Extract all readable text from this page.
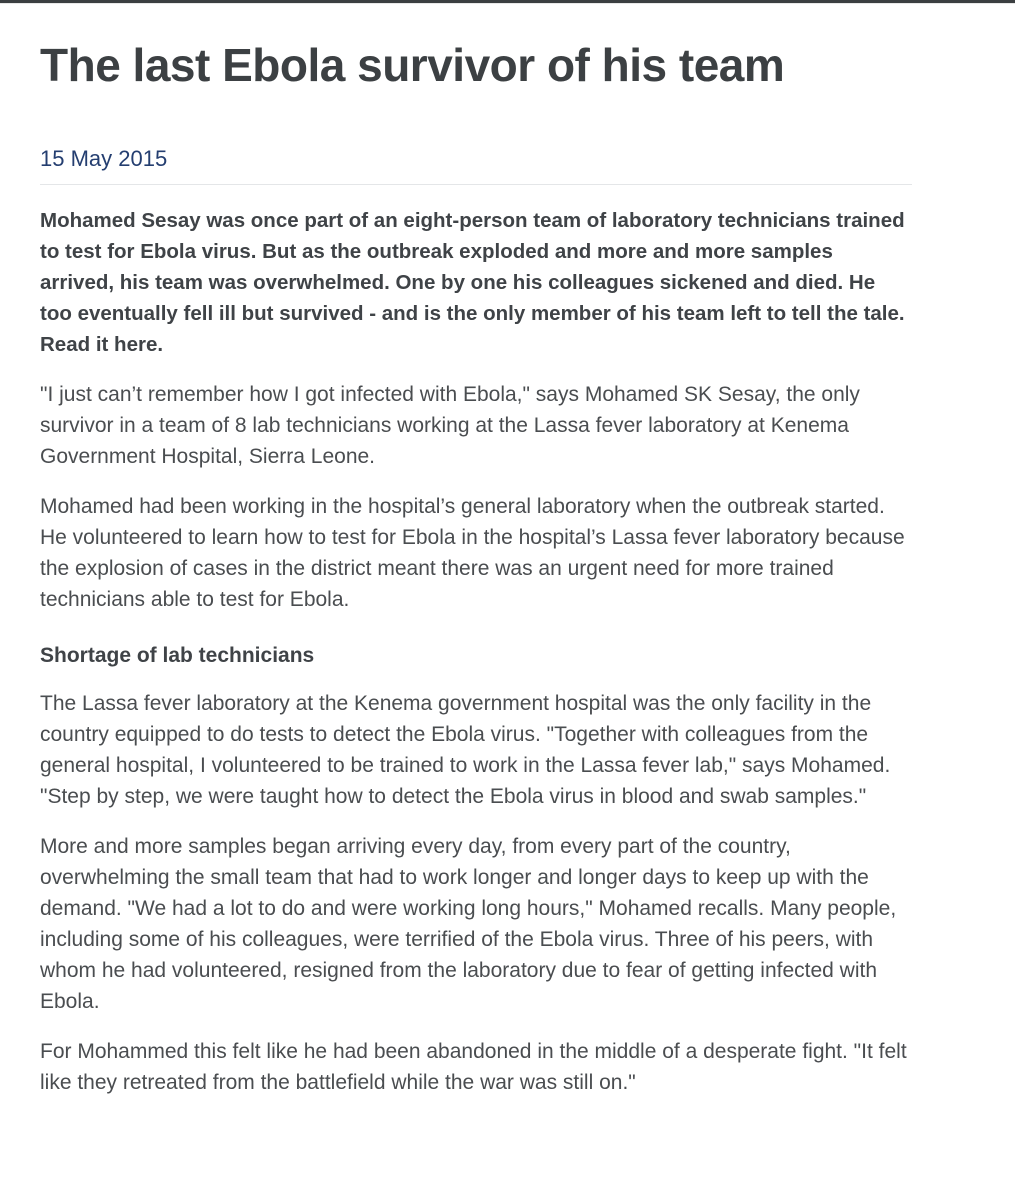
The last Ebola survivor of his team
15 May 2015

Mohamed Sesay was once part of an eight-person team of laboratory technicians trained to test for Ebola virus. But as the outbreak exploded and more and more samples arrived, his team was overwhelmed. One by one his colleagues sickened and died. He too eventually fell ill but survived - and is the only member of his team left to tell the tale. Read it here.

"I just can’t remember how I got infected with Ebola," says Mohamed SK Sesay, the only survivor in a team of 8 lab technicians working at the Lassa fever laboratory at Kenema Government Hospital, Sierra Leone.

Mohamed had been working in the hospital’s general laboratory when the outbreak started. He volunteered to learn how to test for Ebola in the hospital’s Lassa fever laboratory because the explosion of cases in the district meant there was an urgent need for more trained technicians able to test for Ebola.

Shortage of lab technicians

The Lassa fever laboratory at the Kenema government hospital was the only facility in the country equipped to do tests to detect the Ebola virus. "Together with colleagues from the general hospital, I volunteered to be trained to work in the Lassa fever lab," says Mohamed. "Step by step, we were taught how to detect the Ebola virus in blood and swab samples."

More and more samples began arriving every day, from every part of the country, overwhelming the small team that had to work longer and longer days to keep up with the demand. "We had a lot to do and were working long hours," Mohamed recalls. Many people, including some of his colleagues, were terrified of the Ebola virus. Three of his peers, with whom he had volunteered, resigned from the laboratory due to fear of getting infected with Ebola.

For Mohammed this felt like he had been abandoned in the middle of a desperate fight. "It felt like they retreated from the battlefield while the war was still on."
